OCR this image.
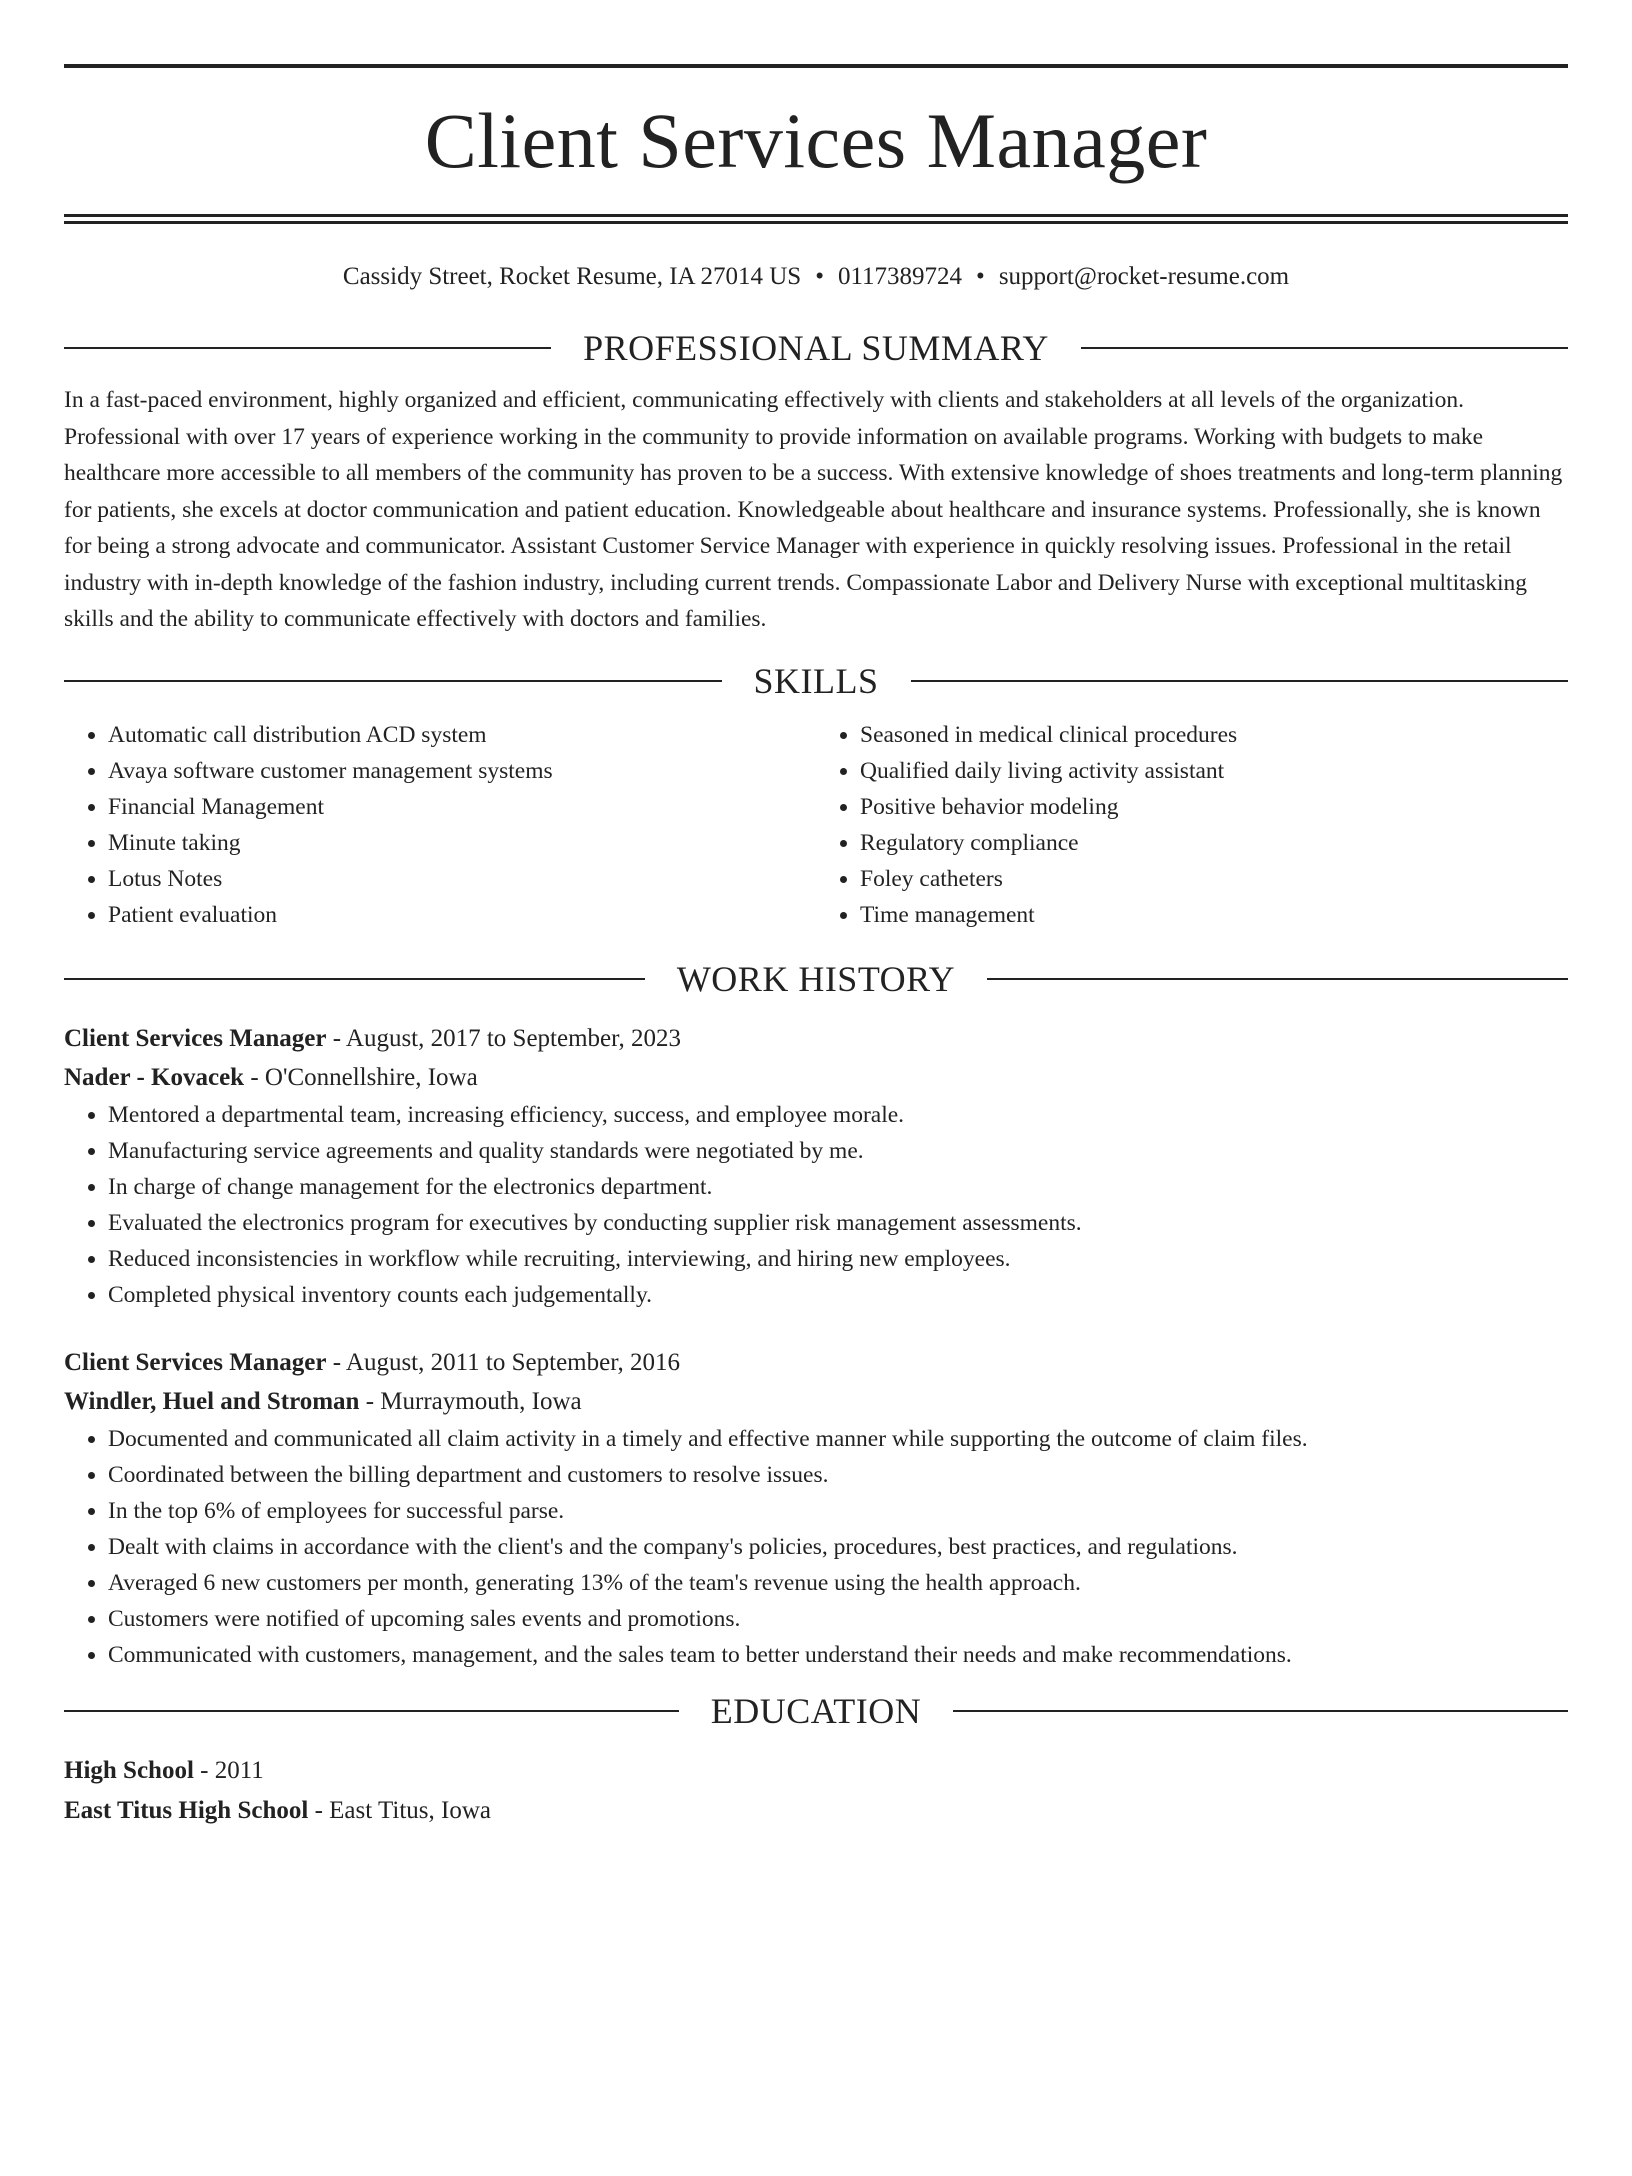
Client Services Manager
Cassidy Street, Rocket Resume, IA 27014 US • 0117389724 • support@rocket-resume.com
PROFESSIONAL SUMMARY

In a fast-paced environment, highly organized and efficient, communicating effectively with clients and stakeholders at all levels of the organization. Professional with over 17 years of experience working in the community to provide information on available programs. Working with budgets to make healthcare more accessible to all members of the community has proven to be a success. With extensive knowledge of shoes treatments and long-term planning for patients, she excels at doctor communication and patient education. Knowledgeable about healthcare and insurance systems. Professionally, she is known for being a strong advocate and communicator. Assistant Customer Service Manager with experience in quickly resolving issues. Professional in the retail industry with in-depth knowledge of the fashion industry, including current trends. Compassionate Labor and Delivery Nurse with exceptional multitasking skills and the ability to communicate effectively with doctors and families.

SKILLS
• Automatic call distribution ACD system
• Avaya software customer management systems
• Financial Management
• Minute taking
• Lotus Notes
• Patient evaluation
• Seasoned in medical clinical procedures
• Qualified daily living activity assistant
• Positive behavior modeling
• Regulatory compliance
• Foley catheters
• Time management
WORK HISTORY
Client Services Manager - August, 2017 to September, 2023
Nader - Kovacek - O'Connellshire, Iowa
• Mentored a departmental team, increasing efficiency, success, and employee morale.
• Manufacturing service agreements and quality standards were negotiated by me.
• In charge of change management for the electronics department.
• Evaluated the electronics program for executives by conducting supplier risk management assessments.
• Reduced inconsistencies in workflow while recruiting, interviewing, and hiring new employees.
• Completed physical inventory counts each judgementally.
Client Services Manager - August, 2011 to September, 2016
Windler, Huel and Stroman - Murraymouth, Iowa
• Documented and communicated all claim activity in a timely and effective manner while supporting the outcome of claim files.
• Coordinated between the billing department and customers to resolve issues.
• In the top 6% of employees for successful parse.
• Dealt with claims in accordance with the client's and the company's policies, procedures, best practices, and regulations.
• Averaged 6 new customers per month, generating 13% of the team's revenue using the health approach.
• Customers were notified of upcoming sales events and promotions.
• Communicated with customers, management, and the sales team to better understand their needs and make recommendations.
EDUCATION
High School - 2011
East Titus High School - East Titus, Iowa
